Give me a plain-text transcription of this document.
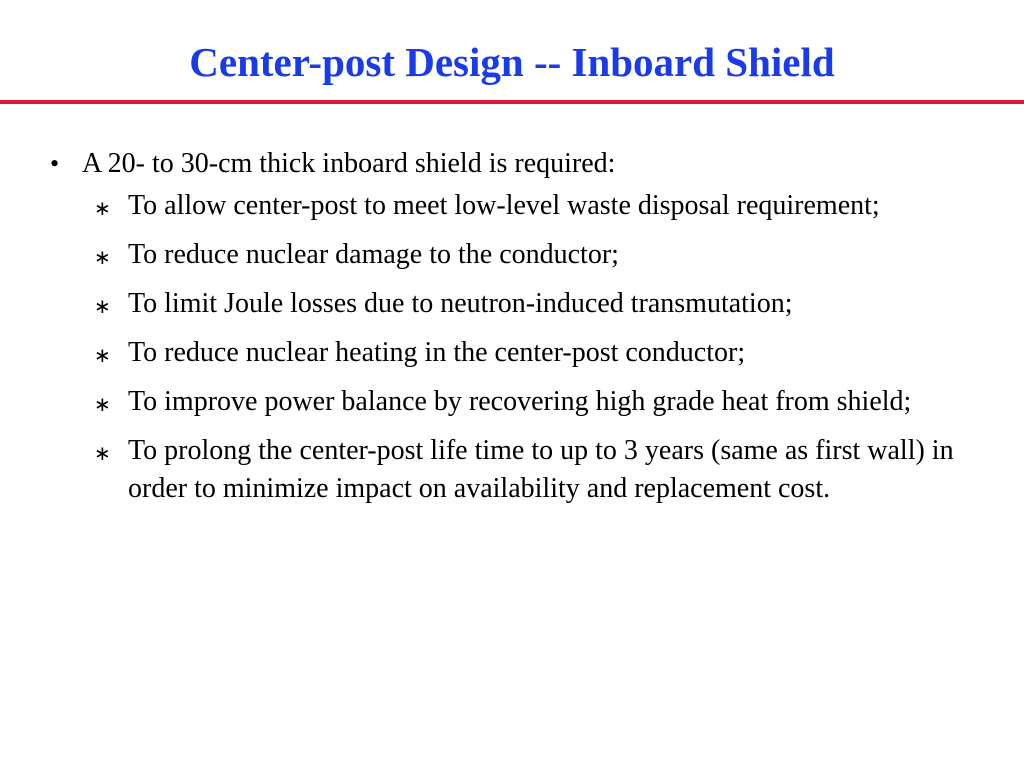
Center-post Design -- Inboard Shield
• A 20- to 30-cm thick inboard shield is required:
∗ To allow center-post to meet low-level waste disposal requirement;
∗ To reduce nuclear damage to the conductor;
∗ To limit Joule losses due to neutron-induced transmutation;
∗ To reduce nuclear heating in the center-post conductor;
∗ To improve power balance by recovering high grade heat from shield;
∗ To prolong the center-post life time to up to 3 years (same as first wall) in order to minimize impact on availability and replacement cost.
